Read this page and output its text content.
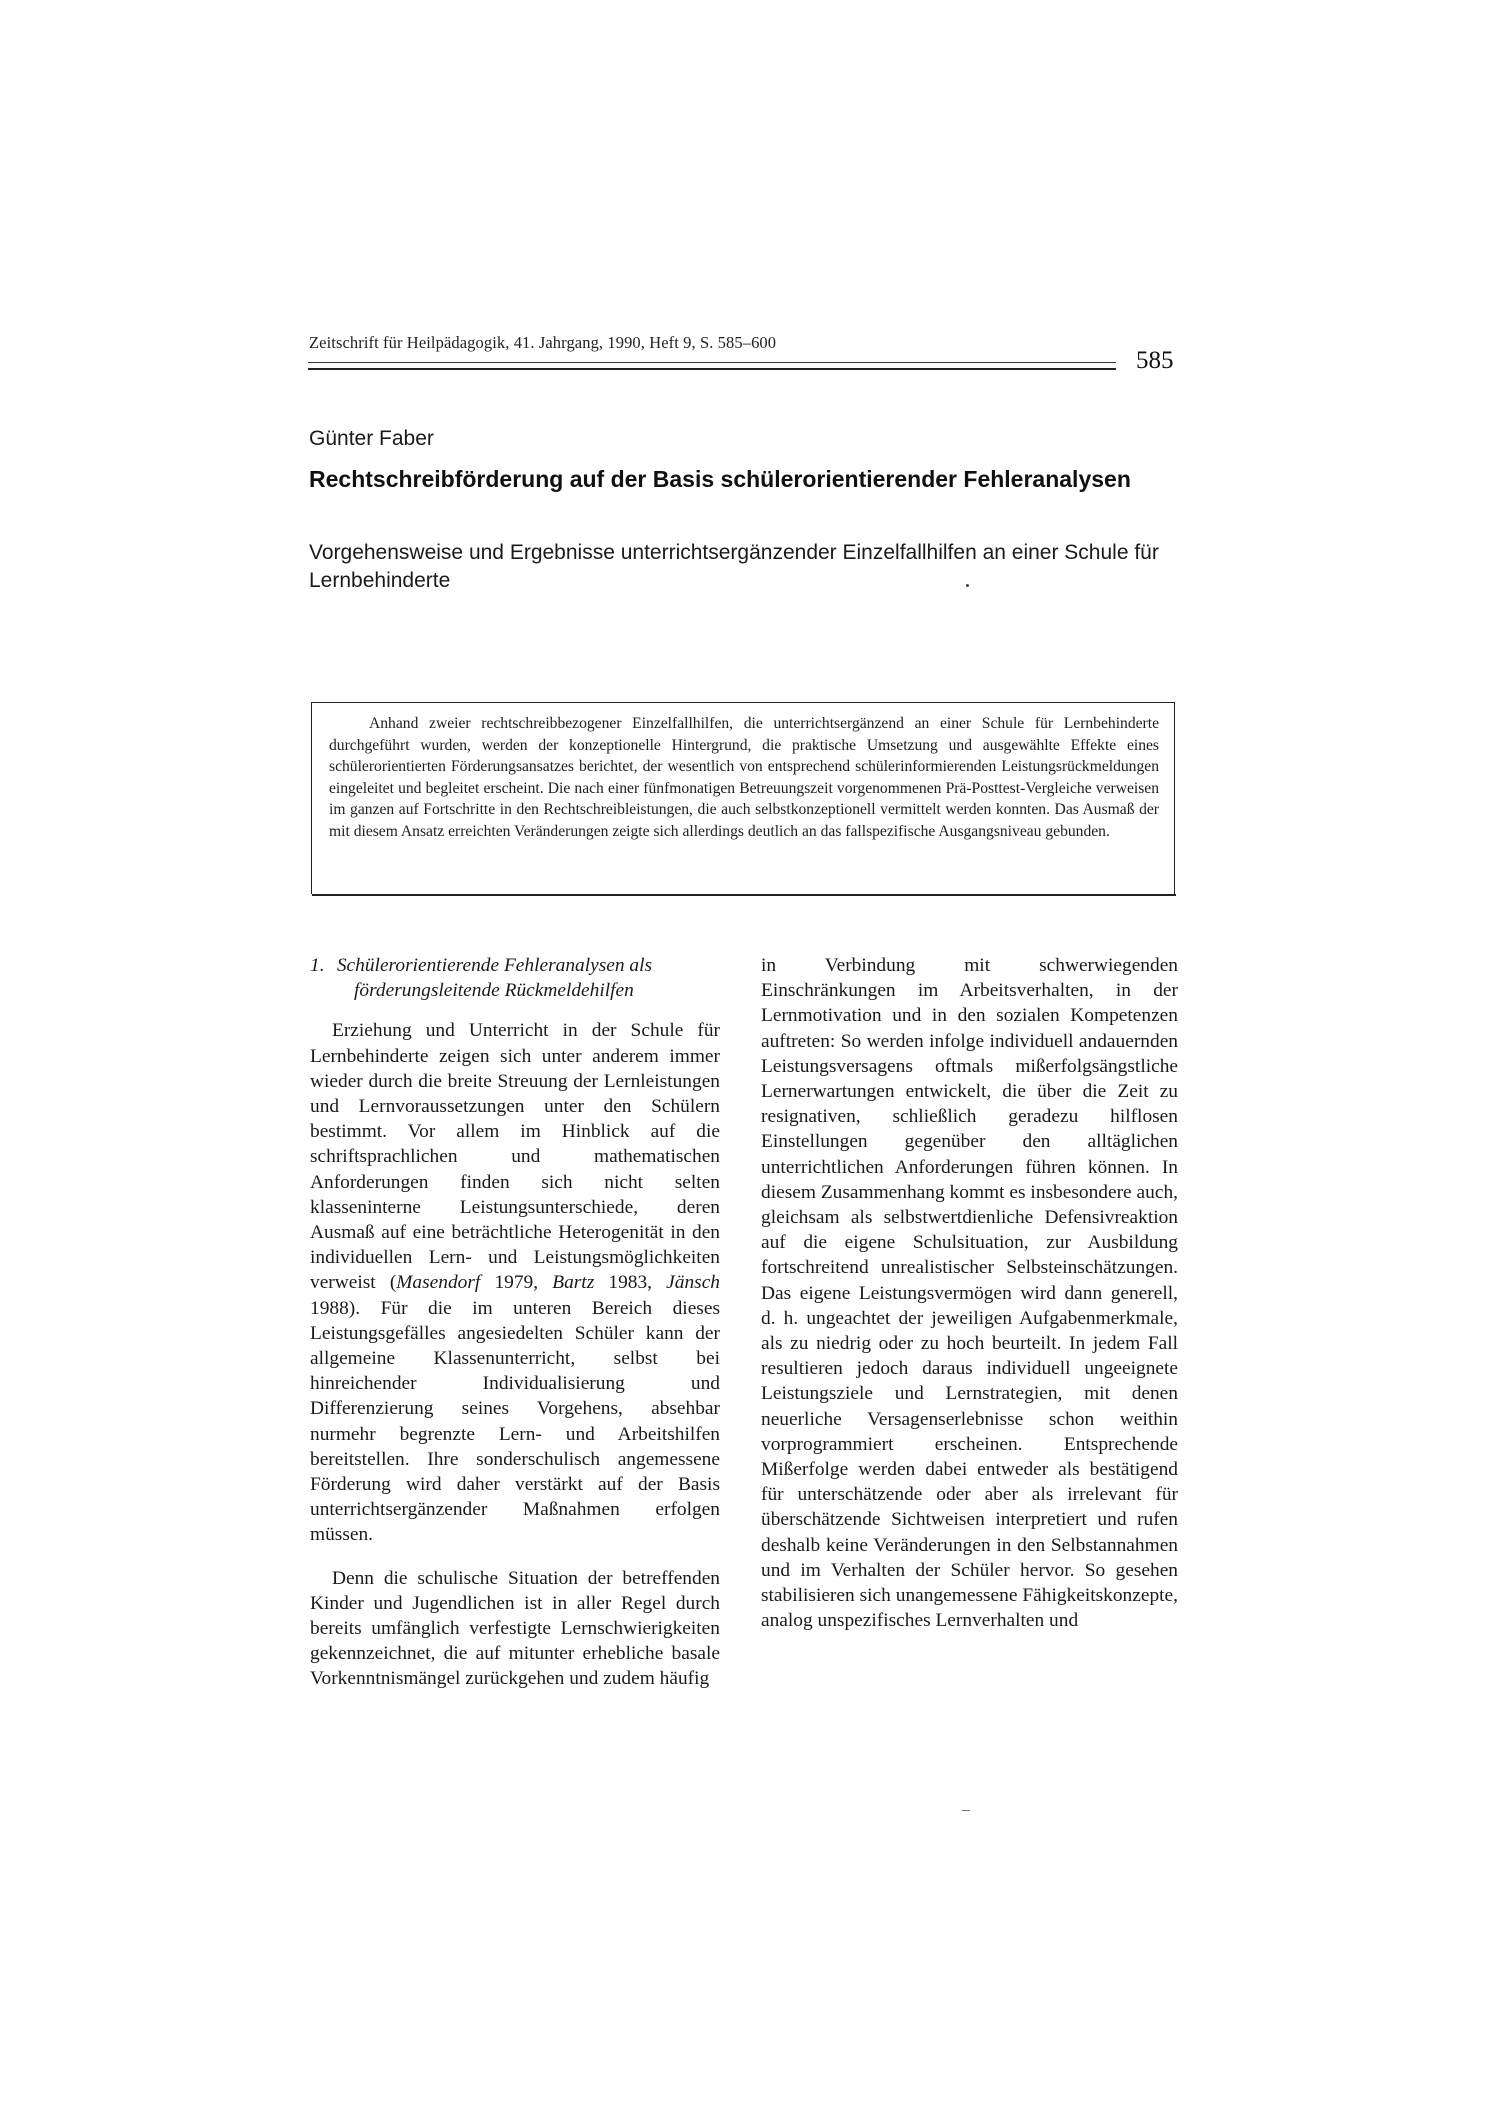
Zeitschrift für Heilpädagogik, 41. Jahrgang, 1990, Heft 9, S. 585–600
585
Günter Faber
Rechtschreibförderung auf der Basis schülerorientierender Fehleranalysen
Vorgehensweise und Ergebnisse unterrichtsergänzender Einzelfallhilfen an einer Schule für Lernbehinderte
Anhand zweier rechtschreibbezogener Einzelfallhilfen, die unterrichtsergänzend an einer Schule für Lernbehinderte durchgeführt wurden, werden der konzeptionelle Hintergrund, die praktische Umsetzung und ausgewählte Effekte eines schülerorientierten Förderungsansatzes berichtet, der wesentlich von entsprechend schülerinformierenden Leistungsrückmeldungen eingeleitet und begleitet erscheint. Die nach einer fünfmonatigen Betreuungszeit vorgenommenen Prä-Posttest-Vergleiche verweisen im ganzen auf Fortschritte in den Rechtschreibleistungen, die auch selbstkonzeptionell vermittelt werden konnten. Das Ausmaß der mit diesem Ansatz erreichten Veränderungen zeigte sich allerdings deutlich an das fallspezifische Ausgangsniveau gebunden.
1. Schülerorientierende Fehleranalysen als
förderungsleitende Rückmeldehilfen

Erziehung und Unterricht in der Schule für Lernbehinderte zeigen sich unter anderem immer wieder durch die breite Streuung der Lernleistungen und Lernvoraussetzungen unter den Schülern bestimmt. Vor allem im Hinblick auf die schriftsprachlichen und mathematischen Anforderungen finden sich nicht selten klasseninterne Leistungsunterschiede, deren Ausmaß auf eine beträchtliche Heterogenität in den individuellen Lern- und Leistungsmöglichkeiten verweist (Masendorf 1979, Bartz 1983, Jänsch 1988). Für die im unteren Bereich dieses Leistungsgefälles angesiedelten Schüler kann der allgemeine Klassenunterricht, selbst bei hinreichender Individualisierung und Differenzierung seines Vorgehens, absehbar nurmehr begrenzte Lern- und Arbeitshilfen bereitstellen. Ihre sonderschulisch angemessene Förderung wird daher verstärkt auf der Basis unterrichtsergänzender Maßnahmen erfolgen müssen.

Denn die schulische Situation der betreffenden Kinder und Jugendlichen ist in aller Regel durch bereits umfänglich verfestigte Lernschwierigkeiten gekennzeichnet, die auf mitunter erhebliche basale Vorkenntnismängel zurückgehen und zudem häufig

in Verbindung mit schwerwiegenden Einschränkungen im Arbeitsverhalten, in der Lernmotivation und in den sozialen Kompetenzen auftreten: So werden infolge individuell andauernden Leistungsversagens oftmals mißerfolgsängstliche Lernerwartungen entwickelt, die über die Zeit zu resignativen, schließlich geradezu hilflosen Einstellungen gegenüber den alltäglichen unterrichtlichen Anforderungen führen können. In diesem Zusammenhang kommt es insbesondere auch, gleichsam als selbstwertdienliche Defensivreaktion auf die eigene Schulsituation, zur Ausbildung fortschreitend unrealistischer Selbsteinschätzungen. Das eigene Leistungsvermögen wird dann generell, d. h. ungeachtet der jeweiligen Aufgabenmerkmale, als zu niedrig oder zu hoch beurteilt. In jedem Fall resultieren jedoch daraus individuell ungeeignete Leistungsziele und Lernstrategien, mit denen neuerliche Versagenserlebnisse schon weithin vorprogrammiert erscheinen. Entsprechende Mißerfolge werden dabei entweder als bestätigend für unterschätzende oder aber als irrelevant für überschätzende Sichtweisen interpretiert und rufen deshalb keine Veränderungen in den Selbstannahmen und im Verhalten der Schüler hervor. So gesehen stabilisieren sich unangemessene Fähigkeitskonzepte, analog unspezifisches Lernverhalten und
